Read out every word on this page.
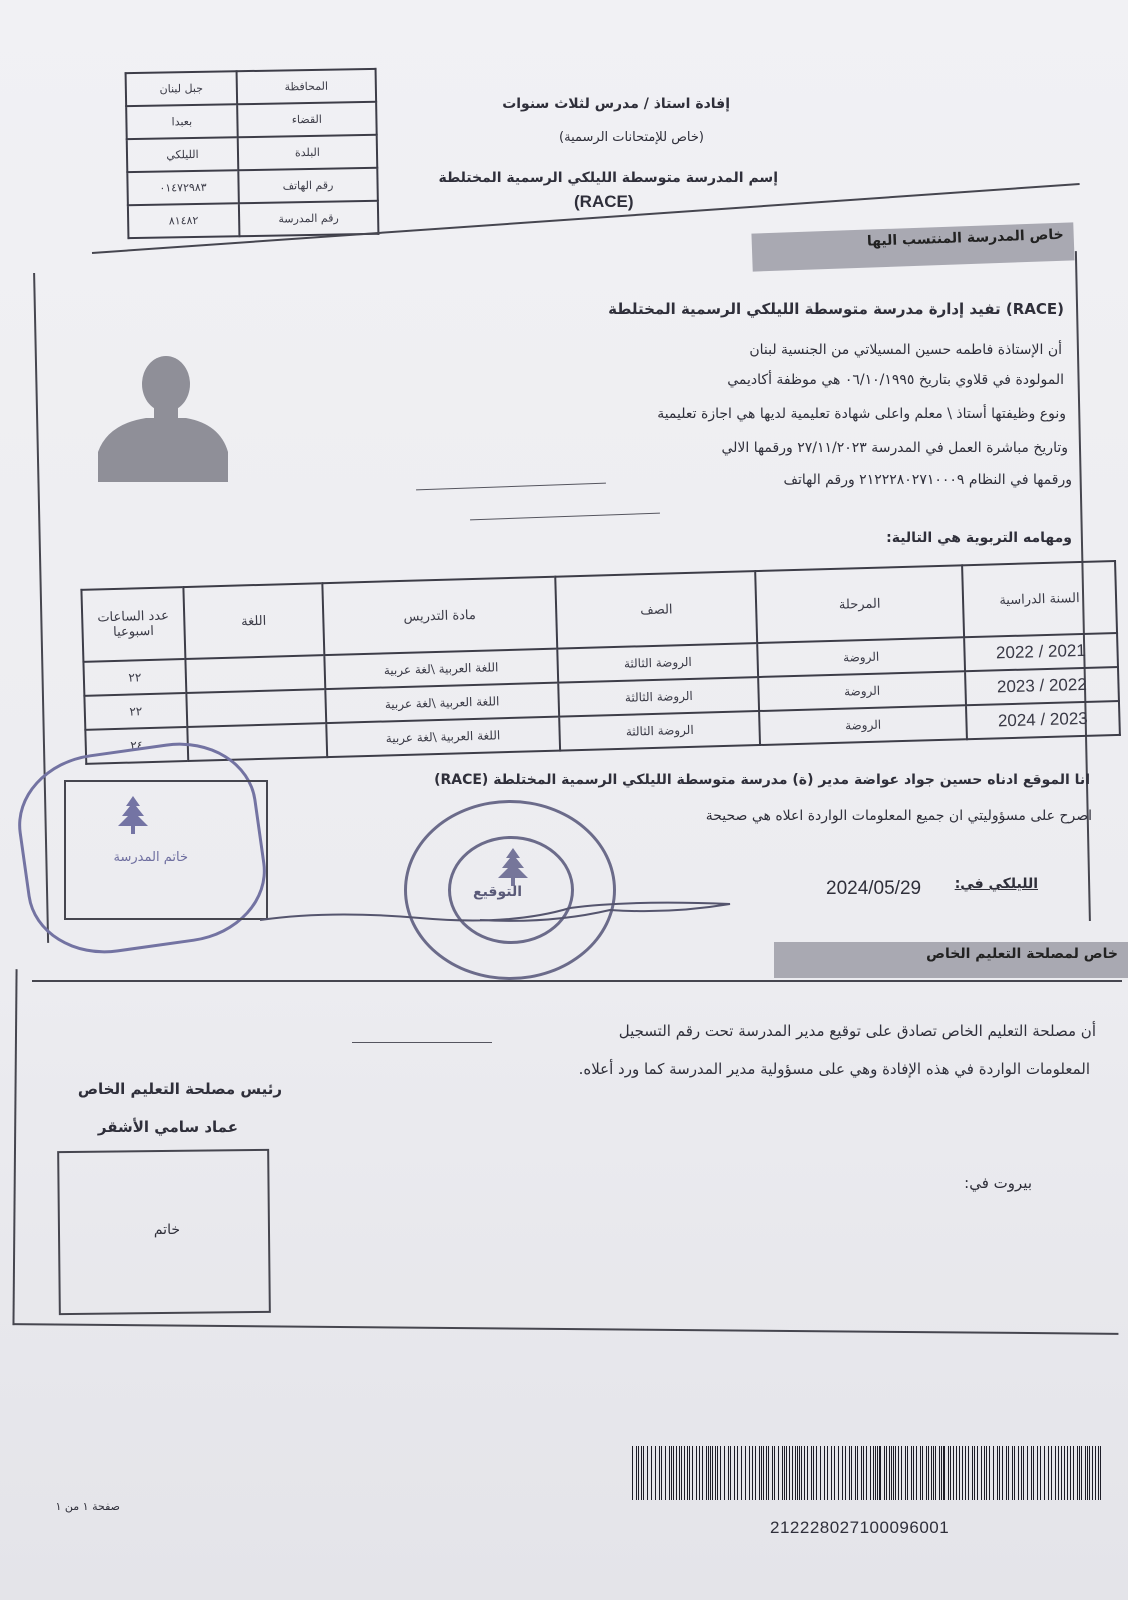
المحافظة	جبل لبنان
القضاء	بعبدا
البلدة	الليلكي
رقم الهاتف	٠١٤٧٢٩٨٣
رقم المدرسة	٨١٤٨٢
إفادة استاذ / مدرس لثلاث سنوات
(خاص للإمتحانات الرسمية)
إسم المدرسة متوسطة الليلكي الرسمية المختلطة
(RACE)
خاص المدرسة المنتسب اليها
(RACE) تفيد إدارة مدرسة متوسطة الليلكي الرسمية المختلطة
أن الإستاذة فاطمه حسين المسيلاتي من الجنسية لبنان
المولودة في قلاوي بتاريخ ٠٦/١٠/١٩٩٥ هي موظفة أكاديمي
ونوع وظيفتها أستاذ \ معلم واعلى شهادة تعليمية لديها هي اجازة تعليمية
وتاريخ مباشرة العمل في المدرسة ٢٧/١١/٢٠٢٣ ورقمها الالي
ورقمها في النظام ٢١٢٢٢٨٠٢٧١٠٠٠٩ ورقم الهاتف
ومهامه التربوية هي التالية:
السنة الدراسية	المرحلة	الصف	مادة التدريس	اللغة	عدد الساعات اسبوعيا
2021 / 2022	الروضة	الروضة الثالثة	اللغة العربية \لغة عربية		٢٢
2022 / 2023	الروضة	الروضة الثالثة	اللغة العربية \لغة عربية		٢٢
2023 / 2024	الروضة	الروضة الثالثة	اللغة العربية \لغة عربية		٢٤
انا الموقع ادناه حسين جواد عواضة مدير (ة) مدرسة متوسطة الليلكي الرسمية المختلطة (RACE)
اصرح على مسؤوليتي ان جميع المعلومات الواردة اعلاه هي صحيحة
الليلكي في:
2024/05/29
خاتم المدرسة
التوقيع
خاص لمصلحة التعليم الخاص
أن مصلحة التعليم الخاص تصادق على توقيع مدير المدرسة تحت رقم التسجيل
المعلومات الواردة في هذه الإفادة وهي على مسؤولية مدير المدرسة كما ورد أعلاه.
رئيس مصلحة التعليم الخاص
عماد سامي الأشقر
خاتم
بيروت في:
صفحة ١ من ١
212228027100096001
